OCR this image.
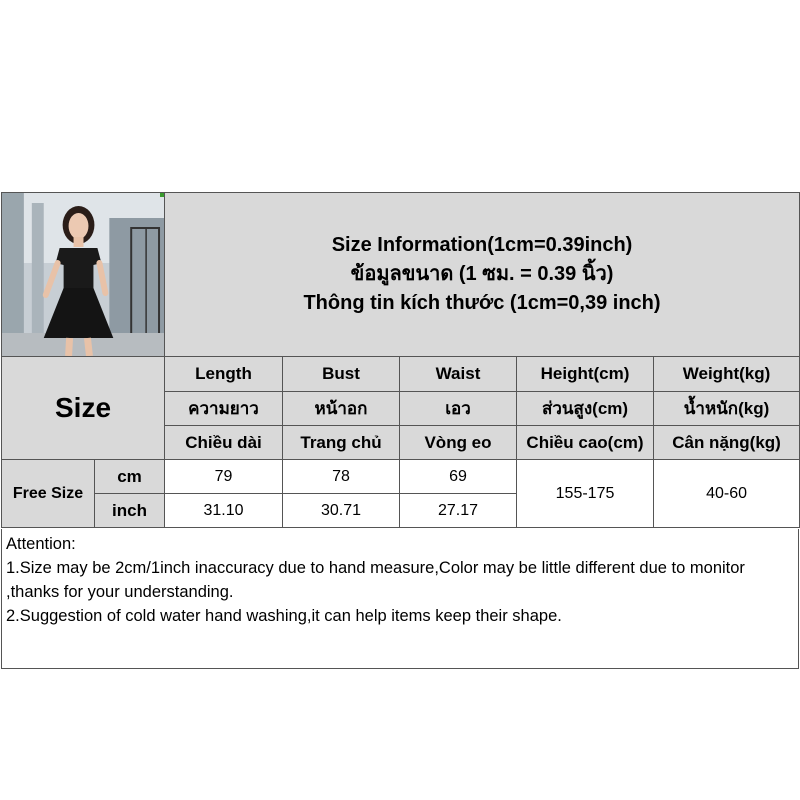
Size Information(1cm=0.39inch)
ข้อมูลขนาด (1 ซม. = 0.39 นิ้ว)
Thông tin kích thước (1cm=0,39 inch)				

Size		Length	Bust	Waist	Height(cm)	Weight(kg)
		ความยาว	หน้าอก	เอว	ส่วนสูง(cm)	น้ำหนัก(kg)
		Chiều dài	Trang chủ	Vòng eo	Chiều cao(cm)	Cân nặng(kg)
Free Size	cm	79	78	69	155-175	40-60
	inch	31.10	30.71	27.17		
Attention:
1.Size may be 2cm/1inch inaccuracy due to hand measure,Color may be little different due to monitor ,thanks for your understanding.
2.Suggestion of cold water hand washing,it can help items keep their shape.
